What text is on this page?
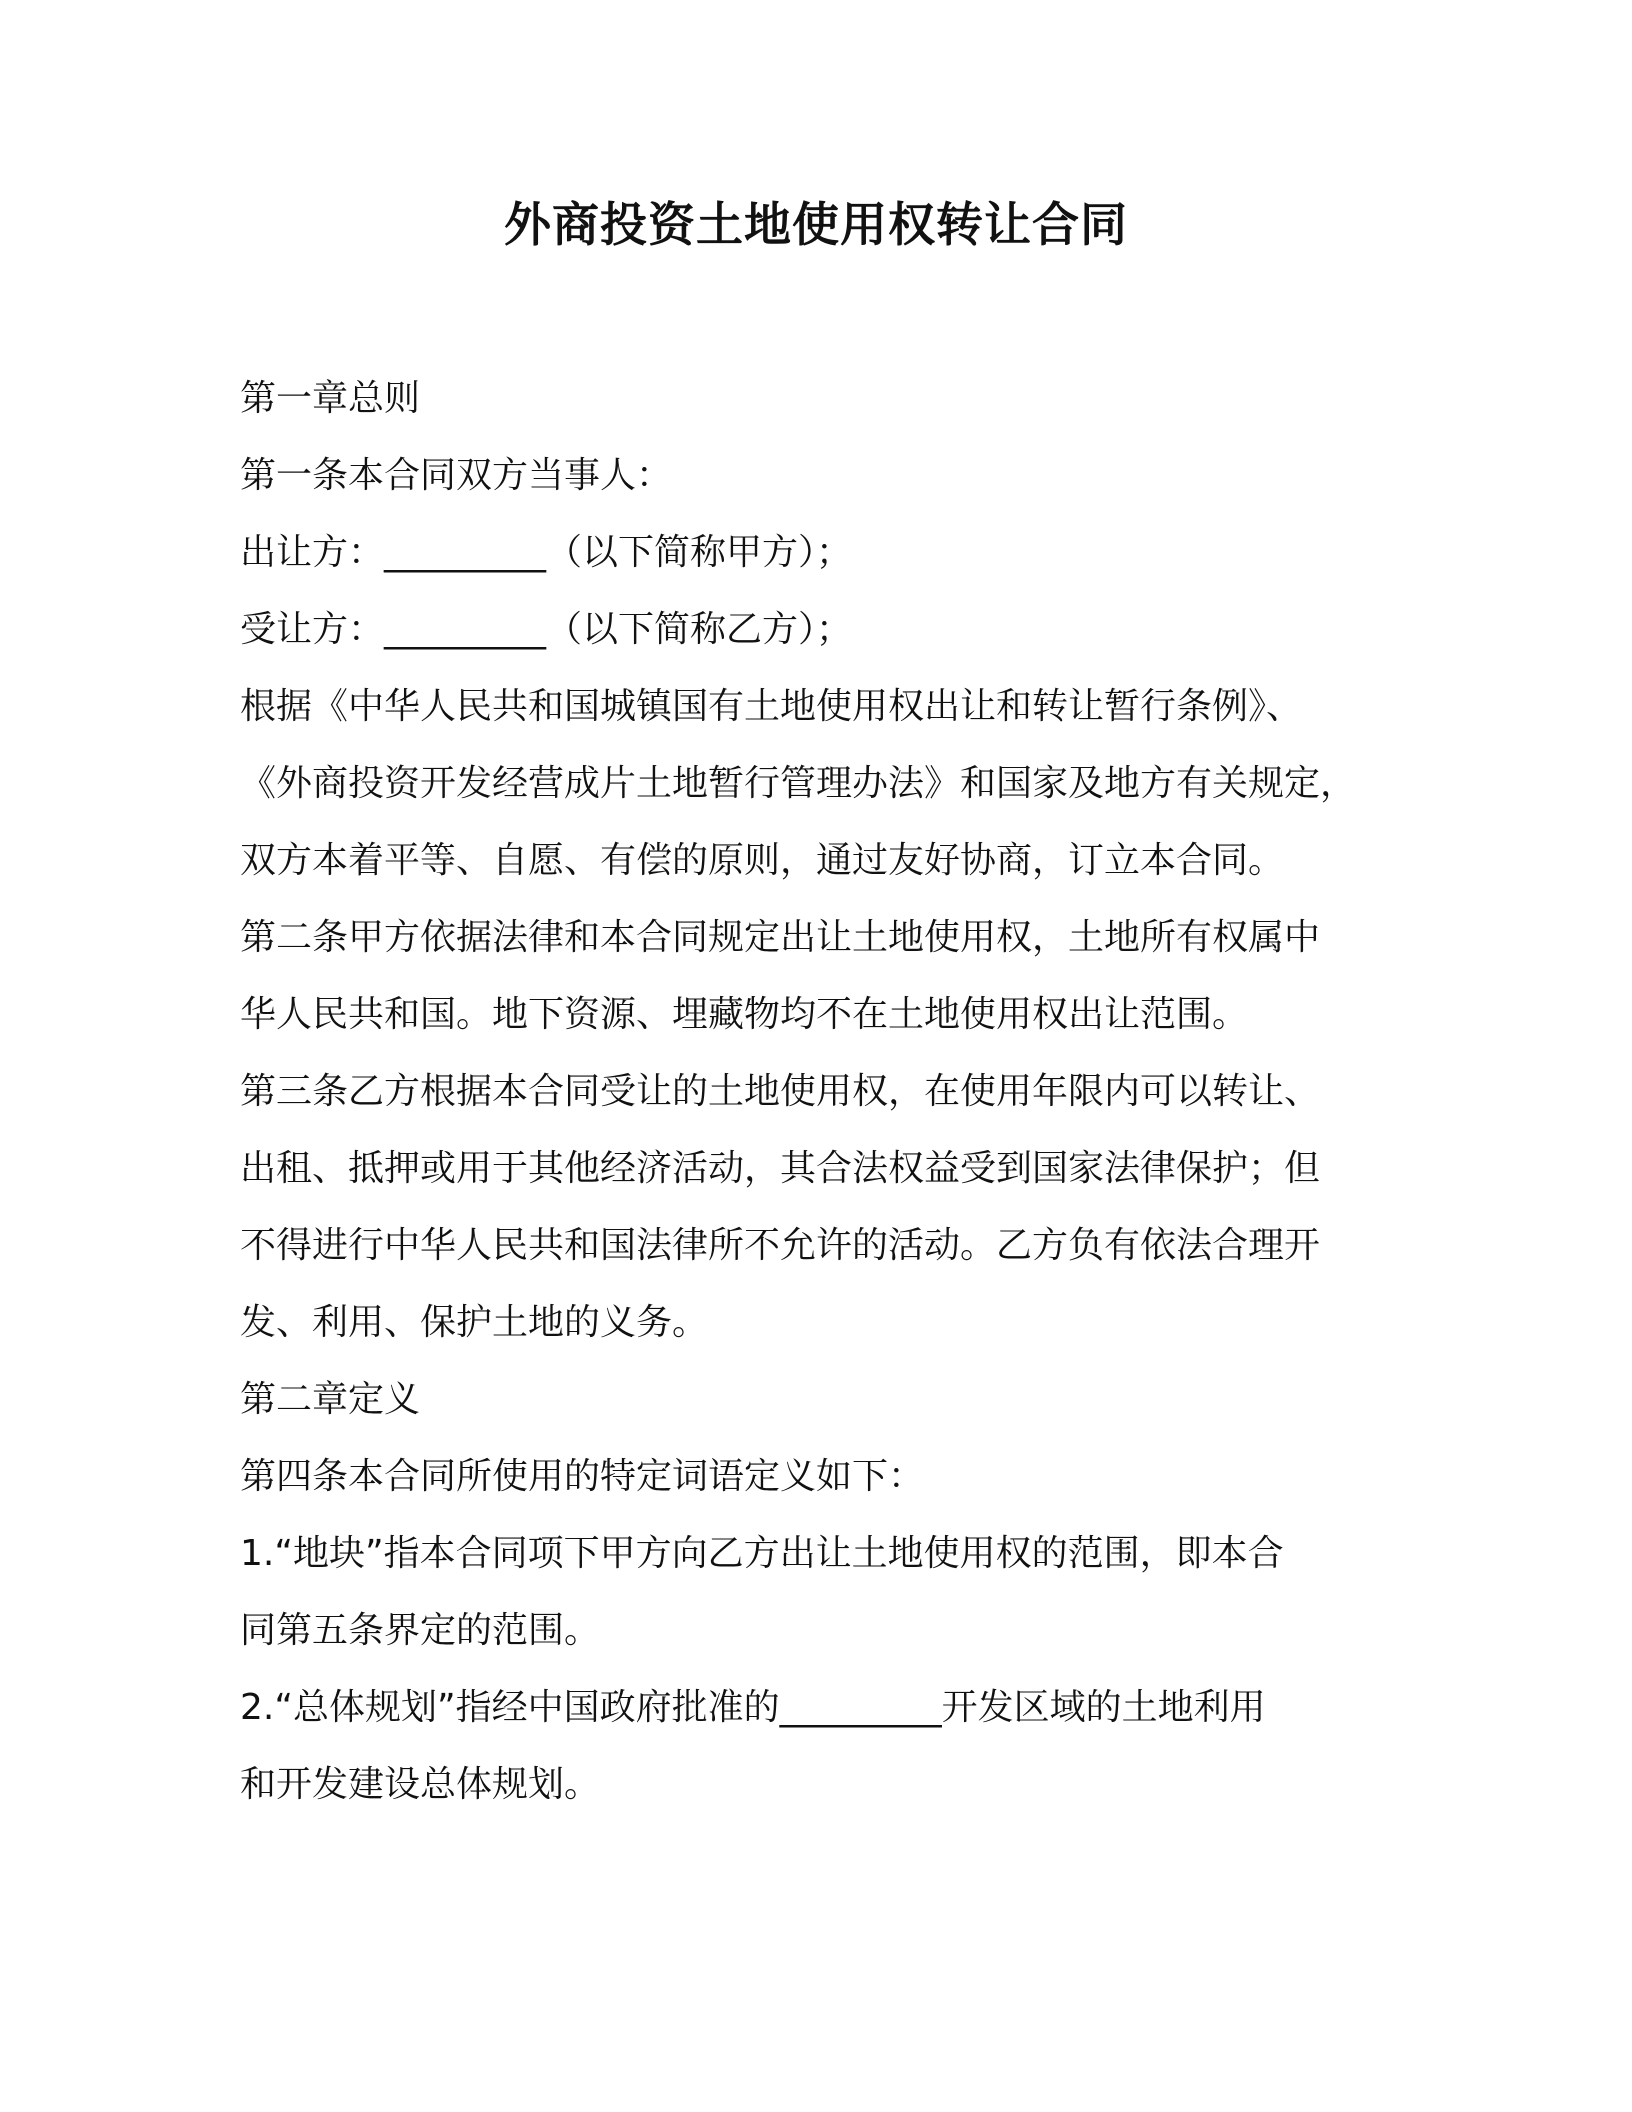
外商投资土地使用权转让合同

第一章总则

第一条本合同双方当事人：

出让方：_________（以下简称甲方）；

受让方：_________（以下简称乙方）；

根据《中华人民共和国城镇国有土地使用权出让和转让暂行条例》、

《外商投资开发经营成片土地暂行管理办法》和国家及地方有关规定，

双方本着平等、自愿、有偿的原则，通过友好协商，订立本合同。

第二条甲方依据法律和本合同规定出让土地使用权，土地所有权属中

华人民共和国。地下资源、埋藏物均不在土地使用权出让范围。

第三条乙方根据本合同受让的土地使用权，在使用年限内可以转让、

出租、抵押或用于其他经济活动，其合法权益受到国家法律保护；但

不得进行中华人民共和国法律所不允许的活动。乙方负有依法合理开

发、利用、保护土地的义务。

第二章定义

第四条本合同所使用的特定词语定义如下：

1.“地块”指本合同项下甲方向乙方出让土地使用权的范围，即本合

同第五条界定的范围。

2.“总体规划”指经中国政府批准的_________开发区域的土地利用

和开发建设总体规划。
